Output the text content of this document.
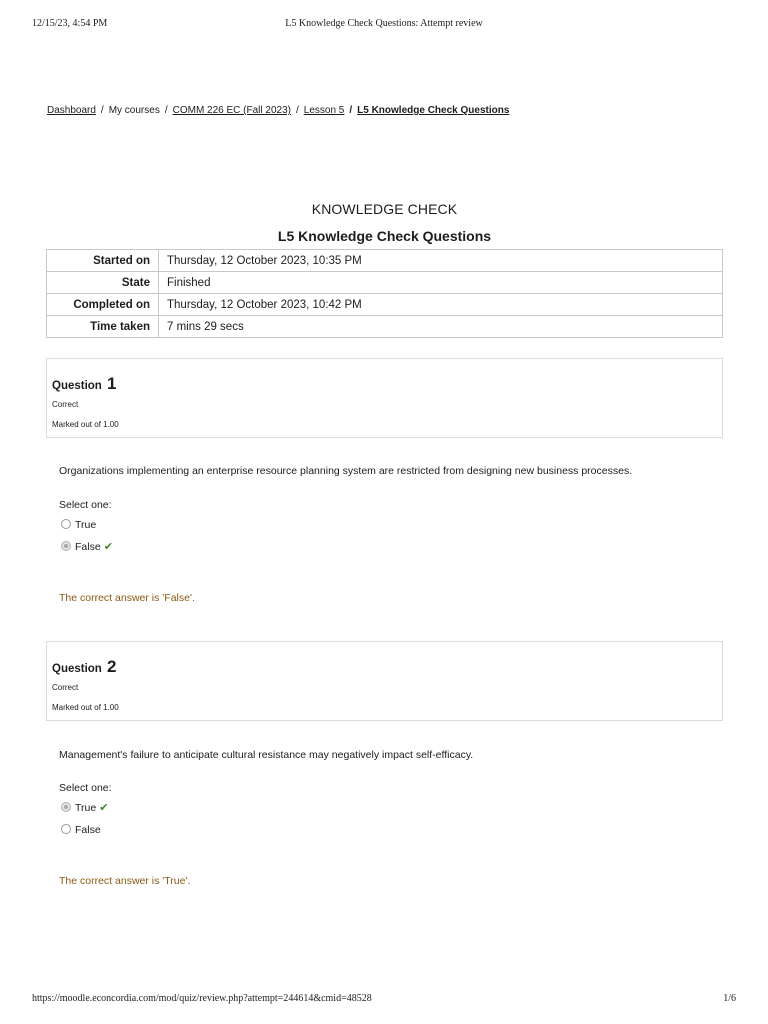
12/15/23, 4:54 PM	L5 Knowledge Check Questions: Attempt review
Dashboard / My courses / COMM 226 EC (Fall 2023) / Lesson 5 / L5 Knowledge Check Questions
KNOWLEDGE CHECK
L5 Knowledge Check Questions
Started on	Thursday, 12 October 2023, 10:35 PM
State	Finished
Completed on	Thursday, 12 October 2023, 10:42 PM
Time taken	7 mins 29 secs
Question 1
Correct
Marked out of 1.00
Organizations implementing an enterprise resource planning system are restricted from designing new business processes.
Select one:
True
False ✔
The correct answer is 'False'.
Question 2
Correct
Marked out of 1.00
Management's failure to anticipate cultural resistance may negatively impact self-efficacy.
Select one:
True ✔
False
The correct answer is 'True'.
https://moodle.econcordia.com/mod/quiz/review.php?attempt=244614&cmid=48528	1/6
